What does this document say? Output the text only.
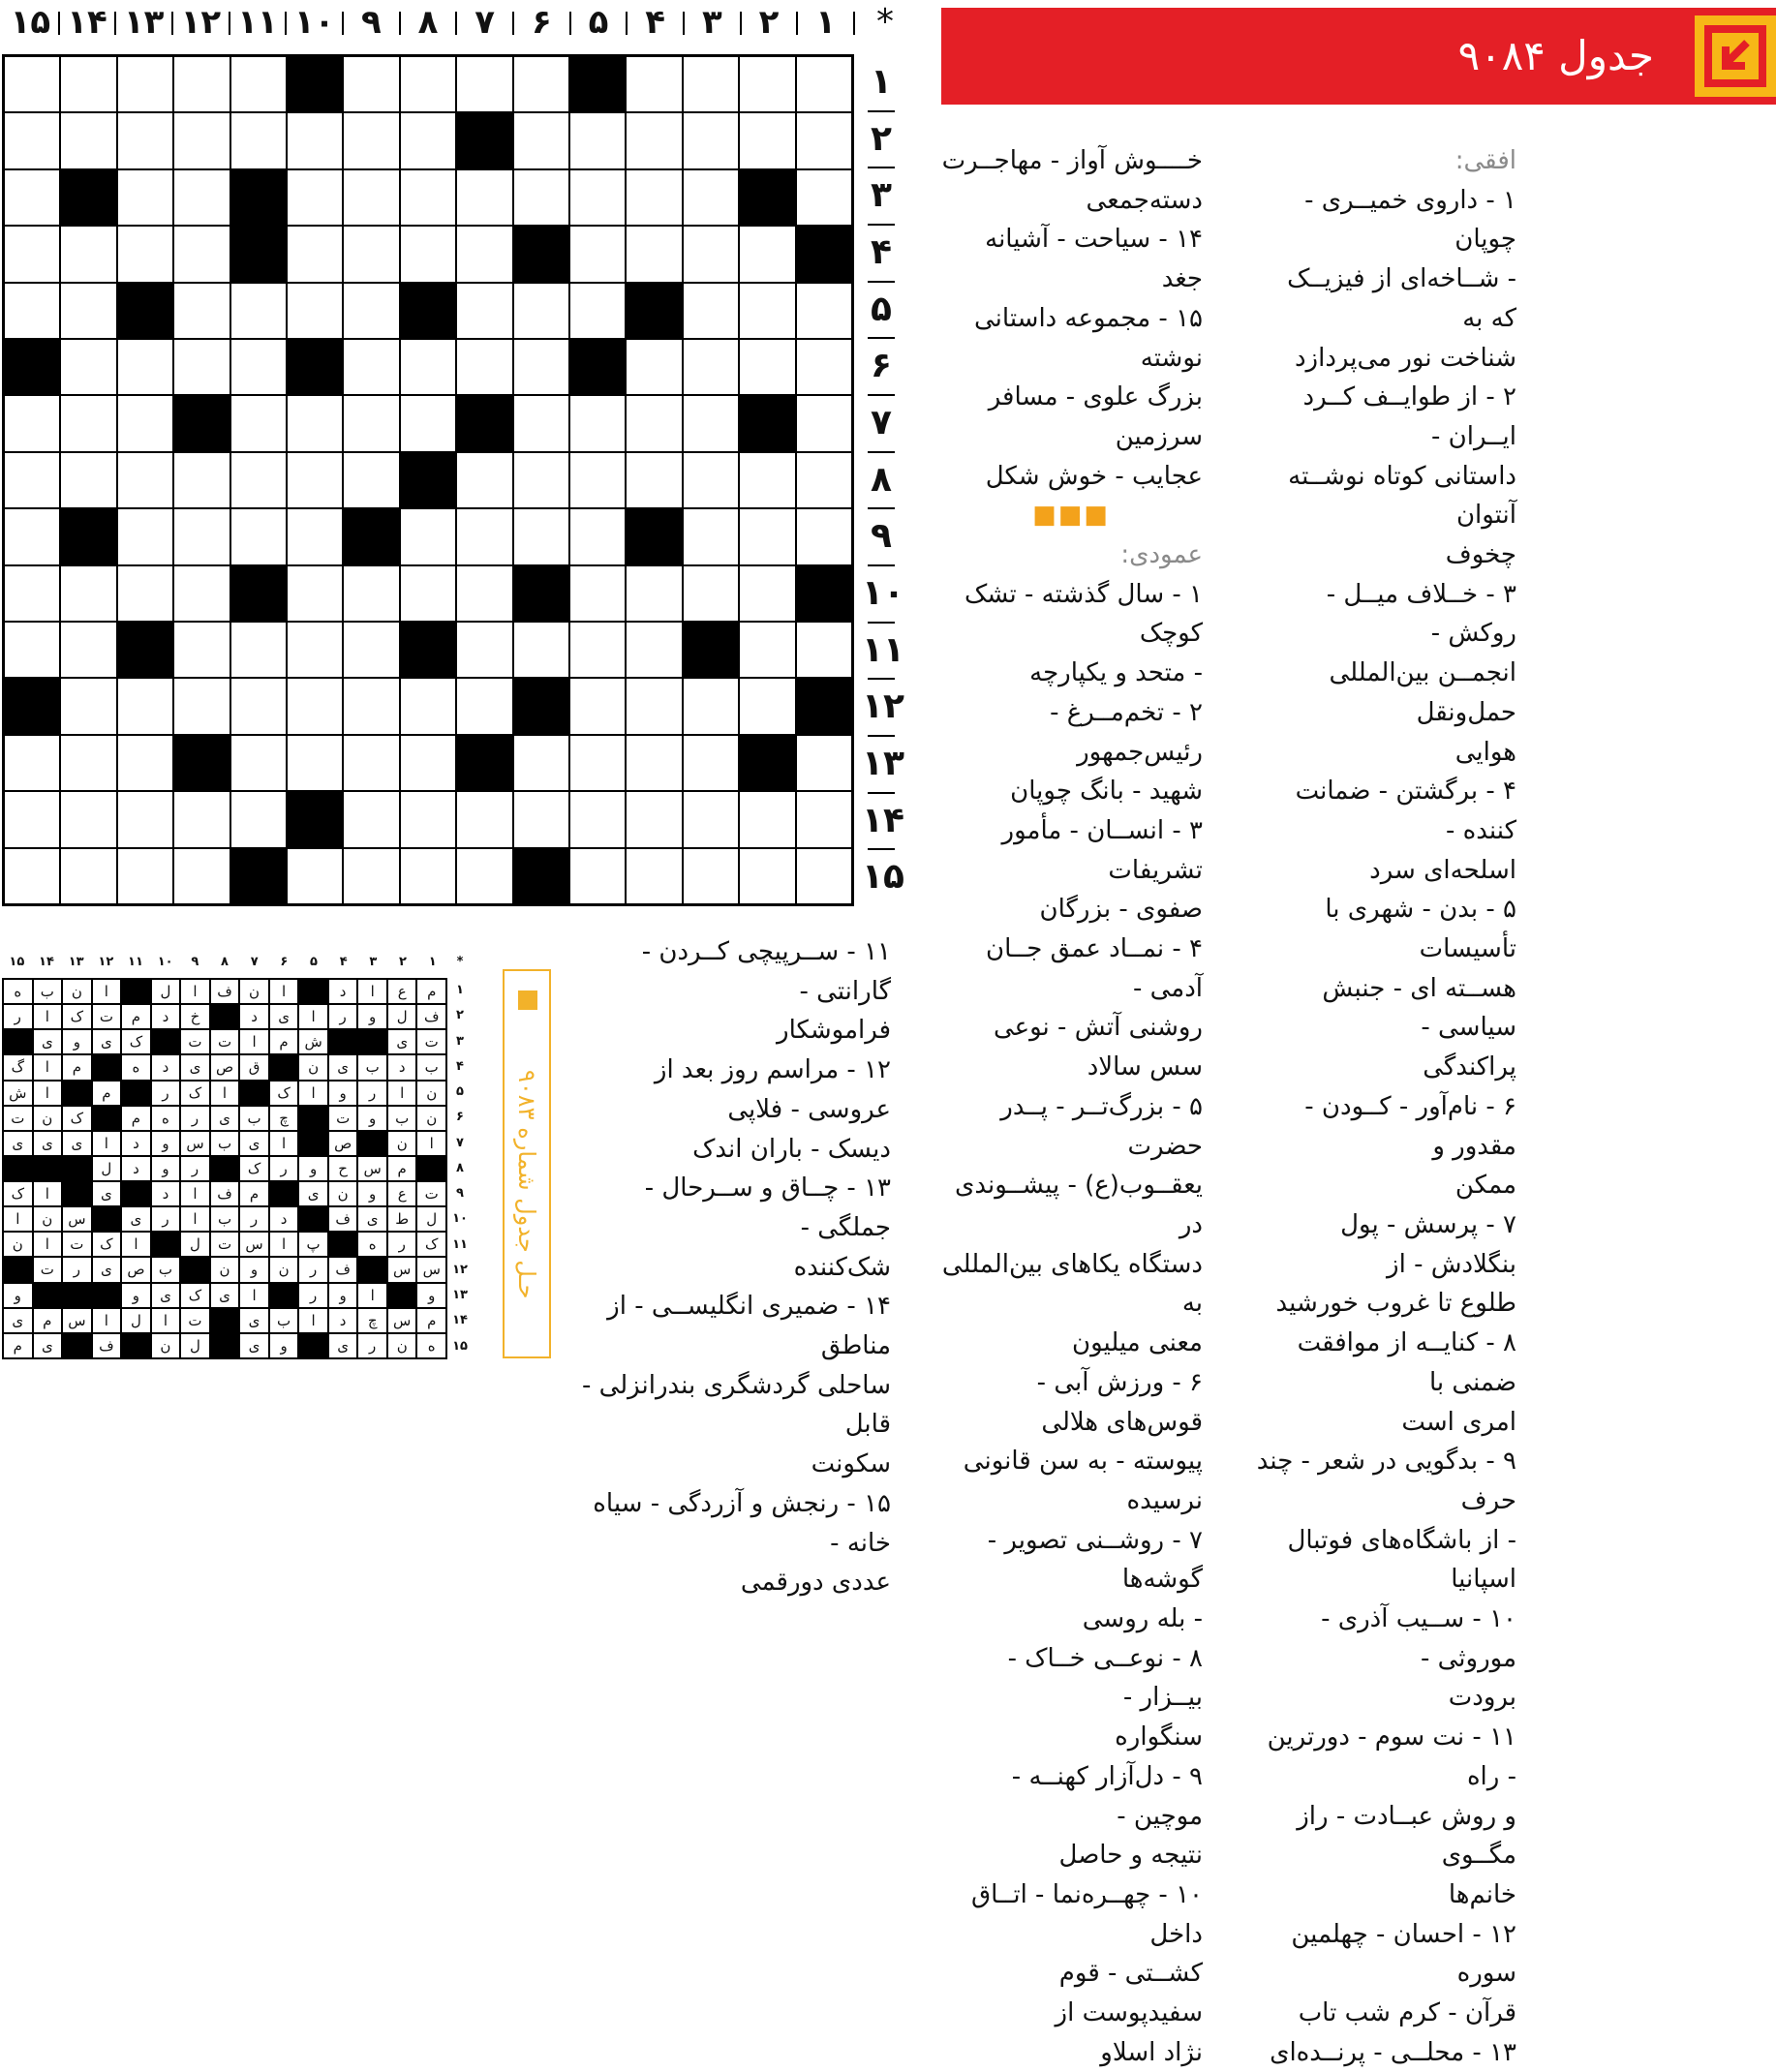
*
۱
۲
۳
۴
۵
۶
۷
۸
۹
۱۰
۱۱
۱۲
۱۳
۱۴
۱۵
۱
۲
۳
۴
۵
۶
۷
۸
۹
۱۰
۱۱
۱۲
۱۳
۱۴
۱۵
جدول ۹۰۸۴
افقی:
۱ - داروی خمیــری - چوپان
- شــاخه‌ای از فیزیــک که به
شناخت نور می‌پردازد
۲ - از طوایــف کــرد ایــران -
داستانی کوتاه نوشــته آنتوان
چخوف
۳ - خــلاف میــل - روکش -
انجمــن بین‌المللی حمل‌ونقل
هوایی
۴ - برگشتن - ضمانت کننده -
اسلحه‌ای سرد
۵ - بدن - شهری با تأسیسات
هســته ای - جنبش سیاسی -
پراکندگی
۶ - نام‌آور - کــودن - مقدور و
ممکن
۷ - پرسش - پول بنگلادش - از
طلوع تا غروب خورشید
۸ - کنایــه از موافقت ضمنی با
امری است
۹ - بدگویی در شعر - چند حرف
- از باشگاه‌های فوتبال اسپانیا
۱۰ - ســیب آذری - موروثی -
برودت
۱۱ - نت سوم - دورترین - راه
و روش عبــادت - راز مگــوی
خانم‌ها
۱۲ - احسان - چهلمین سوره
قرآن - کرم شب تاب
۱۳ - محلــی - پرنــده‌ای
خــــوش آواز - مهاجــرت
دسته‌جمعی
۱۴ - سیاحت - آشیانه جغد
۱۵ - مجموعه داستانی نوشته
بزرگ علوی - مسافر سرزمین
عجایب - خوش شکل
■■■
عمودی:
۱ - سال گذشته - تشک کوچک
- متحد و یکپارچه
۲ - تخم‌مــرغ - رئیس‌جمهور
شهید - بانگ چوپان
۳ - انســان - مأمور تشریفات
صفوی - بزرگان
۴ - نمــاد عمق جــان آدمی -
روشنی آتش - نوعی سس سالاد
۵ - بزرگ‌تــر - پــدر حضرت
یعقــوب(ع) - پیشــوندی در
دستگاه یکاهای بین‌المللی به
معنی میلیون
۶ - ورزش آبی - قوس‌های هلالی
پیوسته - به سن قانونی نرسیده
۷ - روشــنی تصویر - گوشه‌ها
- بله روسی
۸ - نوعــی خــاک - بیــزار -
سنگواره
۹ - دل‌آزار کهنــه - موچین -
نتیجه و حاصل
۱۰ - چهــره‌نما - اتــاق داخل
کشــتی - قوم سفیدپوست از
نژاد اسلاو
۱۱ - ســرپیچی کــردن - گارانتی -
فراموشکار
۱۲ - مراسم روز بعد از عروسی - فلاپی
دیسک - باران اندک
۱۳ - چــاق و ســرحال - جملگی -
شک‌کننده
۱۴ - ضمیری انگلیســی - از مناطق
ساحلی گردشگری بندرانزلی - قابل
سکونت
۱۵ - رنجش و آزردگی - سیاه خانه -
عددی دورقمی
حـل جدول شماره ۹۰۸۳
*
۱
۲
۳
۴
۵
۶
۷
۸
۹
۱۰
۱۱
۱۲
۱۳
۱۴
۱۵
م
ع
ا
د
ا
ن
ف
ا
ل
ا
ن
ب
ه
ف
ل
و
ر
ا
ی
د
خ
د
م
ت
ک
ا
ر
ت
ی
ش
م
ا
ت
ت
ک
ی
و
ی
ب
د
ب
ی
ن
ق
ص
ی
د
ه
م
ا
گ
ن
ا
ر
و
ا
ک
ا
ک
ر
م
ا
ش
ن
ب
و
ت
چ
ب
ی
ر
ه
م
ک
ن
ت
ا
ن
ص
ا
ی
ب
س
و
د
ا
ی
ی
ی
م
س
ح
و
ر
ک
ر
و
د
ل
ت
ع
و
ن
ی
م
ف
ا
د
ی
ا
ک
ل
ط
ی
ف
د
ر
ب
ا
ر
ی
س
ن
ا
ک
ر
ه
پ
ا
س
ت
ل
ا
ک
ت
ا
ن
س
س
ف
ر
ن
و
ن
ب
ص
ی
ر
ت
و
ا
و
ر
ا
ی
ک
ی
و
و
م
س
چ
د
ا
ب
ی
ت
ا
ل
ا
س
م
ی
ه
ن
ر
ی
و
ی
ل
ن
ف
ی
م
۱
۲
۳
۴
۵
۶
۷
۸
۹
۱۰
۱۱
۱۲
۱۳
۱۴
۱۵
